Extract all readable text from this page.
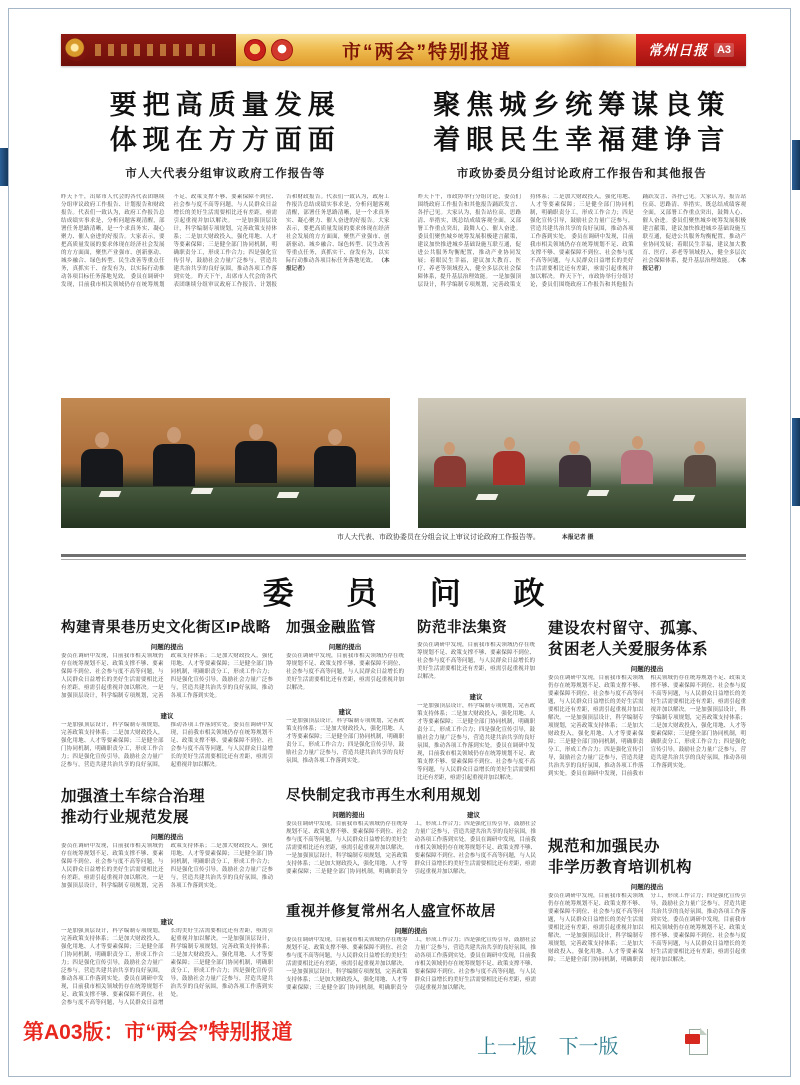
市“两会”特别报道	常州日报 A3
要把高质量发展
体现在方方面面
市人大代表分组审议政府工作报告等
聚焦城乡统筹谋良策
着眼民生幸福建诤言
市政协委员分组讨论政府工作报告和其他报告
昨天下午，出席市人代会的各代表团继续分组审议政府工作报告、计划报告和财政报告。代表们一致认为，政府工作报告总结成绩实事求是，分析问题客观清醒，部署任务思路清晰，是一个求真务实、凝心聚力、催人奋进的好报告。大家表示，要把高质量发展的要求体现在经济社会发展的方方面面，聚焦产业强市、创新驱动、城乡融合、绿色转型、民生改善等重点任务，真抓实干、奋发有为，以实际行动推动各项目标任务落地见效。 委员在调研中发现，目前我市相关领域仍存在统筹规划不足、政策支撑不够、要素保障不到位、社会参与度不高等问题，与人民群众日益增长的美好生活需要相比还有差距，亟需引起重视并加以解决。 一是加强顶层设计，科学编制专项规划，完善政策支持体系；二是加大财政投入，强化用地、人才等要素保障；三是健全部门协同机制，明确职责分工，形成工作合力；四是强化宣传引导，鼓励社会力量广泛参与，营造共建共治共享的良好氛围，推动各项工作落到实处。 昨天下午，出席市人代会的各代表团继续分组审议政府工作报告、计划报告和财政报告。代表们一致认为，政府工作报告总结成绩实事求是，分析问题客观清醒，部署任务思路清晰，是一个求真务实、凝心聚力、催人奋进的好报告。大家表示，要把高质量发展的要求体现在经济社会发展的方方面面，聚焦产业强市、创新驱动、城乡融合、绿色转型、民生改善等重点任务，真抓实干、奋发有为，以实际行动推动各项目标任务落地见效。 （本报记者）
昨天下午，市政协举行分组讨论，委员们围绕政府工作报告和其他报告踊跃发言、各抒己见。大家认为，报告站位高、思路清、举措实，既总结成绩客观全面，又部署工作重点突出，鼓舞人心、催人奋进。委员们聚焦城乡统筹发展积极建言献策，建议加快推进城乡基础设施互联互通，促进公共服务均衡配置，推动产业协同发展；着眼民生幸福，建议加大教育、医疗、养老等领域投入，健全多层次社会保障体系，提升基层治理效能。 一是加强顶层设计，科学编制专项规划，完善政策支持体系；二是加大财政投入，强化用地、人才等要素保障；三是健全部门协同机制，明确职责分工，形成工作合力；四是强化宣传引导，鼓励社会力量广泛参与，营造共建共治共享的良好氛围，推动各项工作落到实处。 委员在调研中发现，目前我市相关领域仍存在统筹规划不足、政策支撑不够、要素保障不到位、社会参与度不高等问题，与人民群众日益增长的美好生活需要相比还有差距，亟需引起重视并加以解决。 昨天下午，市政协举行分组讨论，委员们围绕政府工作报告和其他报告踊跃发言、各抒己见。大家认为，报告站位高、思路清、举措实，既总结成绩客观全面，又部署工作重点突出，鼓舞人心、催人奋进。委员们聚焦城乡统筹发展积极建言献策，建议加快推进城乡基础设施互联互通，促进公共服务均衡配置，推动产业协同发展；着眼民生幸福，建议加大教育、医疗、养老等领域投入，健全多层次社会保障体系，提升基层治理效能。 （本报记者）
市人大代表、市政协委员在分组会议上审议讨论政府工作报告等。	本报记者 摄
委 员 问 政
构建青果巷历史文化街区IP战略
问题的提出
委员在调研中发现，目前我市相关领域仍存在统筹规划不足、政策支撑不够、要素保障不到位、社会参与度不高等问题，与人民群众日益增长的美好生活需要相比还有差距，亟需引起重视并加以解决。一是加强顶层设计，科学编制专项规划，完善政策支持体系；二是加大财政投入，强化用地、人才等要素保障；三是健全部门协同机制，明确职责分工，形成工作合力；四是强化宣传引导，鼓励社会力量广泛参与，营造共建共治共享的良好氛围，推动各项工作落到实处。
建议
一是加强顶层设计，科学编制专项规划，完善政策支持体系；二是加大财政投入，强化用地、人才等要素保障；三是健全部门协同机制，明确职责分工，形成工作合力；四是强化宣传引导，鼓励社会力量广泛参与，营造共建共治共享的良好氛围，推动各项工作落到实处。委员在调研中发现，目前我市相关领域仍存在统筹规划不足、政策支撑不够、要素保障不到位、社会参与度不高等问题，与人民群众日益增长的美好生活需要相比还有差距，亟需引起重视并加以解决。
加强金融监管
问题的提出
委员在调研中发现，目前我市相关领域仍存在统筹规划不足、政策支撑不够、要素保障不到位、社会参与度不高等问题，与人民群众日益增长的美好生活需要相比还有差距，亟需引起重视并加以解决。
建议
一是加强顶层设计，科学编制专项规划，完善政策支持体系；二是加大财政投入，强化用地、人才等要素保障；三是健全部门协同机制，明确职责分工，形成工作合力；四是强化宣传引导，鼓励社会力量广泛参与，营造共建共治共享的良好氛围，推动各项工作落到实处。
防范非法集资
委员在调研中发现，目前我市相关领域仍存在统筹规划不足、政策支撑不够、要素保障不到位、社会参与度不高等问题，与人民群众日益增长的美好生活需要相比还有差距，亟需引起重视并加以解决。
建议
一是加强顶层设计，科学编制专项规划，完善政策支持体系；二是加大财政投入，强化用地、人才等要素保障；三是健全部门协同机制，明确职责分工，形成工作合力；四是强化宣传引导，鼓励社会力量广泛参与，营造共建共治共享的良好氛围，推动各项工作落到实处。委员在调研中发现，目前我市相关领域仍存在统筹规划不足、政策支撑不够、要素保障不到位、社会参与度不高等问题，与人民群众日益增长的美好生活需要相比还有差距，亟需引起重视并加以解决。
建设农村留守、孤寡、
贫困老人关爱服务体系
问题的提出
委员在调研中发现，目前我市相关领域仍存在统筹规划不足、政策支撑不够、要素保障不到位、社会参与度不高等问题，与人民群众日益增长的美好生活需要相比还有差距，亟需引起重视并加以解决。一是加强顶层设计，科学编制专项规划，完善政策支持体系；二是加大财政投入，强化用地、人才等要素保障；三是健全部门协同机制，明确职责分工，形成工作合力；四是强化宣传引导，鼓励社会力量广泛参与，营造共建共治共享的良好氛围，推动各项工作落到实处。委员在调研中发现，目前我市相关领域仍存在统筹规划不足、政策支撑不够、要素保障不到位、社会参与度不高等问题，与人民群众日益增长的美好生活需要相比还有差距，亟需引起重视并加以解决。一是加强顶层设计，科学编制专项规划，完善政策支持体系；二是加大财政投入，强化用地、人才等要素保障；三是健全部门协同机制，明确职责分工，形成工作合力；四是强化宣传引导，鼓励社会力量广泛参与，营造共建共治共享的良好氛围，推动各项工作落到实处。
加强渣土车综合治理
推动行业规范发展
问题的提出
委员在调研中发现，目前我市相关领域仍存在统筹规划不足、政策支撑不够、要素保障不到位、社会参与度不高等问题，与人民群众日益增长的美好生活需要相比还有差距，亟需引起重视并加以解决。一是加强顶层设计，科学编制专项规划，完善政策支持体系；二是加大财政投入，强化用地、人才等要素保障；三是健全部门协同机制，明确职责分工，形成工作合力；四是强化宣传引导，鼓励社会力量广泛参与，营造共建共治共享的良好氛围，推动各项工作落到实处。
建议
一是加强顶层设计，科学编制专项规划，完善政策支持体系；二是加大财政投入，强化用地、人才等要素保障；三是健全部门协同机制，明确职责分工，形成工作合力；四是强化宣传引导，鼓励社会力量广泛参与，营造共建共治共享的良好氛围，推动各项工作落到实处。委员在调研中发现，目前我市相关领域仍存在统筹规划不足、政策支撑不够、要素保障不到位、社会参与度不高等问题，与人民群众日益增长的美好生活需要相比还有差距，亟需引起重视并加以解决。一是加强顶层设计，科学编制专项规划，完善政策支持体系；二是加大财政投入，强化用地、人才等要素保障；三是健全部门协同机制，明确职责分工，形成工作合力；四是强化宣传引导，鼓励社会力量广泛参与，营造共建共治共享的良好氛围，推动各项工作落到实处。
尽快制定我市再生水利用规划
问题的提出	建议
委员在调研中发现，目前我市相关领域仍存在统筹规划不足、政策支撑不够、要素保障不到位、社会参与度不高等问题，与人民群众日益增长的美好生活需要相比还有差距，亟需引起重视并加以解决。一是加强顶层设计，科学编制专项规划，完善政策支持体系；二是加大财政投入，强化用地、人才等要素保障；三是健全部门协同机制，明确职责分工，形成工作合力；四是强化宣传引导，鼓励社会力量广泛参与，营造共建共治共享的良好氛围，推动各项工作落到实处。委员在调研中发现，目前我市相关领域仍存在统筹规划不足、政策支撑不够、要素保障不到位、社会参与度不高等问题，与人民群众日益增长的美好生活需要相比还有差距，亟需引起重视并加以解决。
重视并修复常州名人盛宣怀故居
问题的提出
委员在调研中发现，目前我市相关领域仍存在统筹规划不足、政策支撑不够、要素保障不到位、社会参与度不高等问题，与人民群众日益增长的美好生活需要相比还有差距，亟需引起重视并加以解决。一是加强顶层设计，科学编制专项规划，完善政策支持体系；二是加大财政投入，强化用地、人才等要素保障；三是健全部门协同机制，明确职责分工，形成工作合力；四是强化宣传引导，鼓励社会力量广泛参与，营造共建共治共享的良好氛围，推动各项工作落到实处。委员在调研中发现，目前我市相关领域仍存在统筹规划不足、政策支撑不够、要素保障不到位、社会参与度不高等问题，与人民群众日益增长的美好生活需要相比还有差距，亟需引起重视并加以解决。
规范和加强民办
非学历教育培训机构
问题的提出
委员在调研中发现，目前我市相关领域仍存在统筹规划不足、政策支撑不够、要素保障不到位、社会参与度不高等问题，与人民群众日益增长的美好生活需要相比还有差距，亟需引起重视并加以解决。一是加强顶层设计，科学编制专项规划，完善政策支持体系；二是加大财政投入，强化用地、人才等要素保障；三是健全部门协同机制，明确职责分工，形成工作合力；四是强化宣传引导，鼓励社会力量广泛参与，营造共建共治共享的良好氛围，推动各项工作落到实处。委员在调研中发现，目前我市相关领域仍存在统筹规划不足、政策支撑不够、要素保障不到位、社会参与度不高等问题，与人民群众日益增长的美好生活需要相比还有差距，亟需引起重视并加以解决。
第A03版：市“两会”特别报道
上一版 下一版
